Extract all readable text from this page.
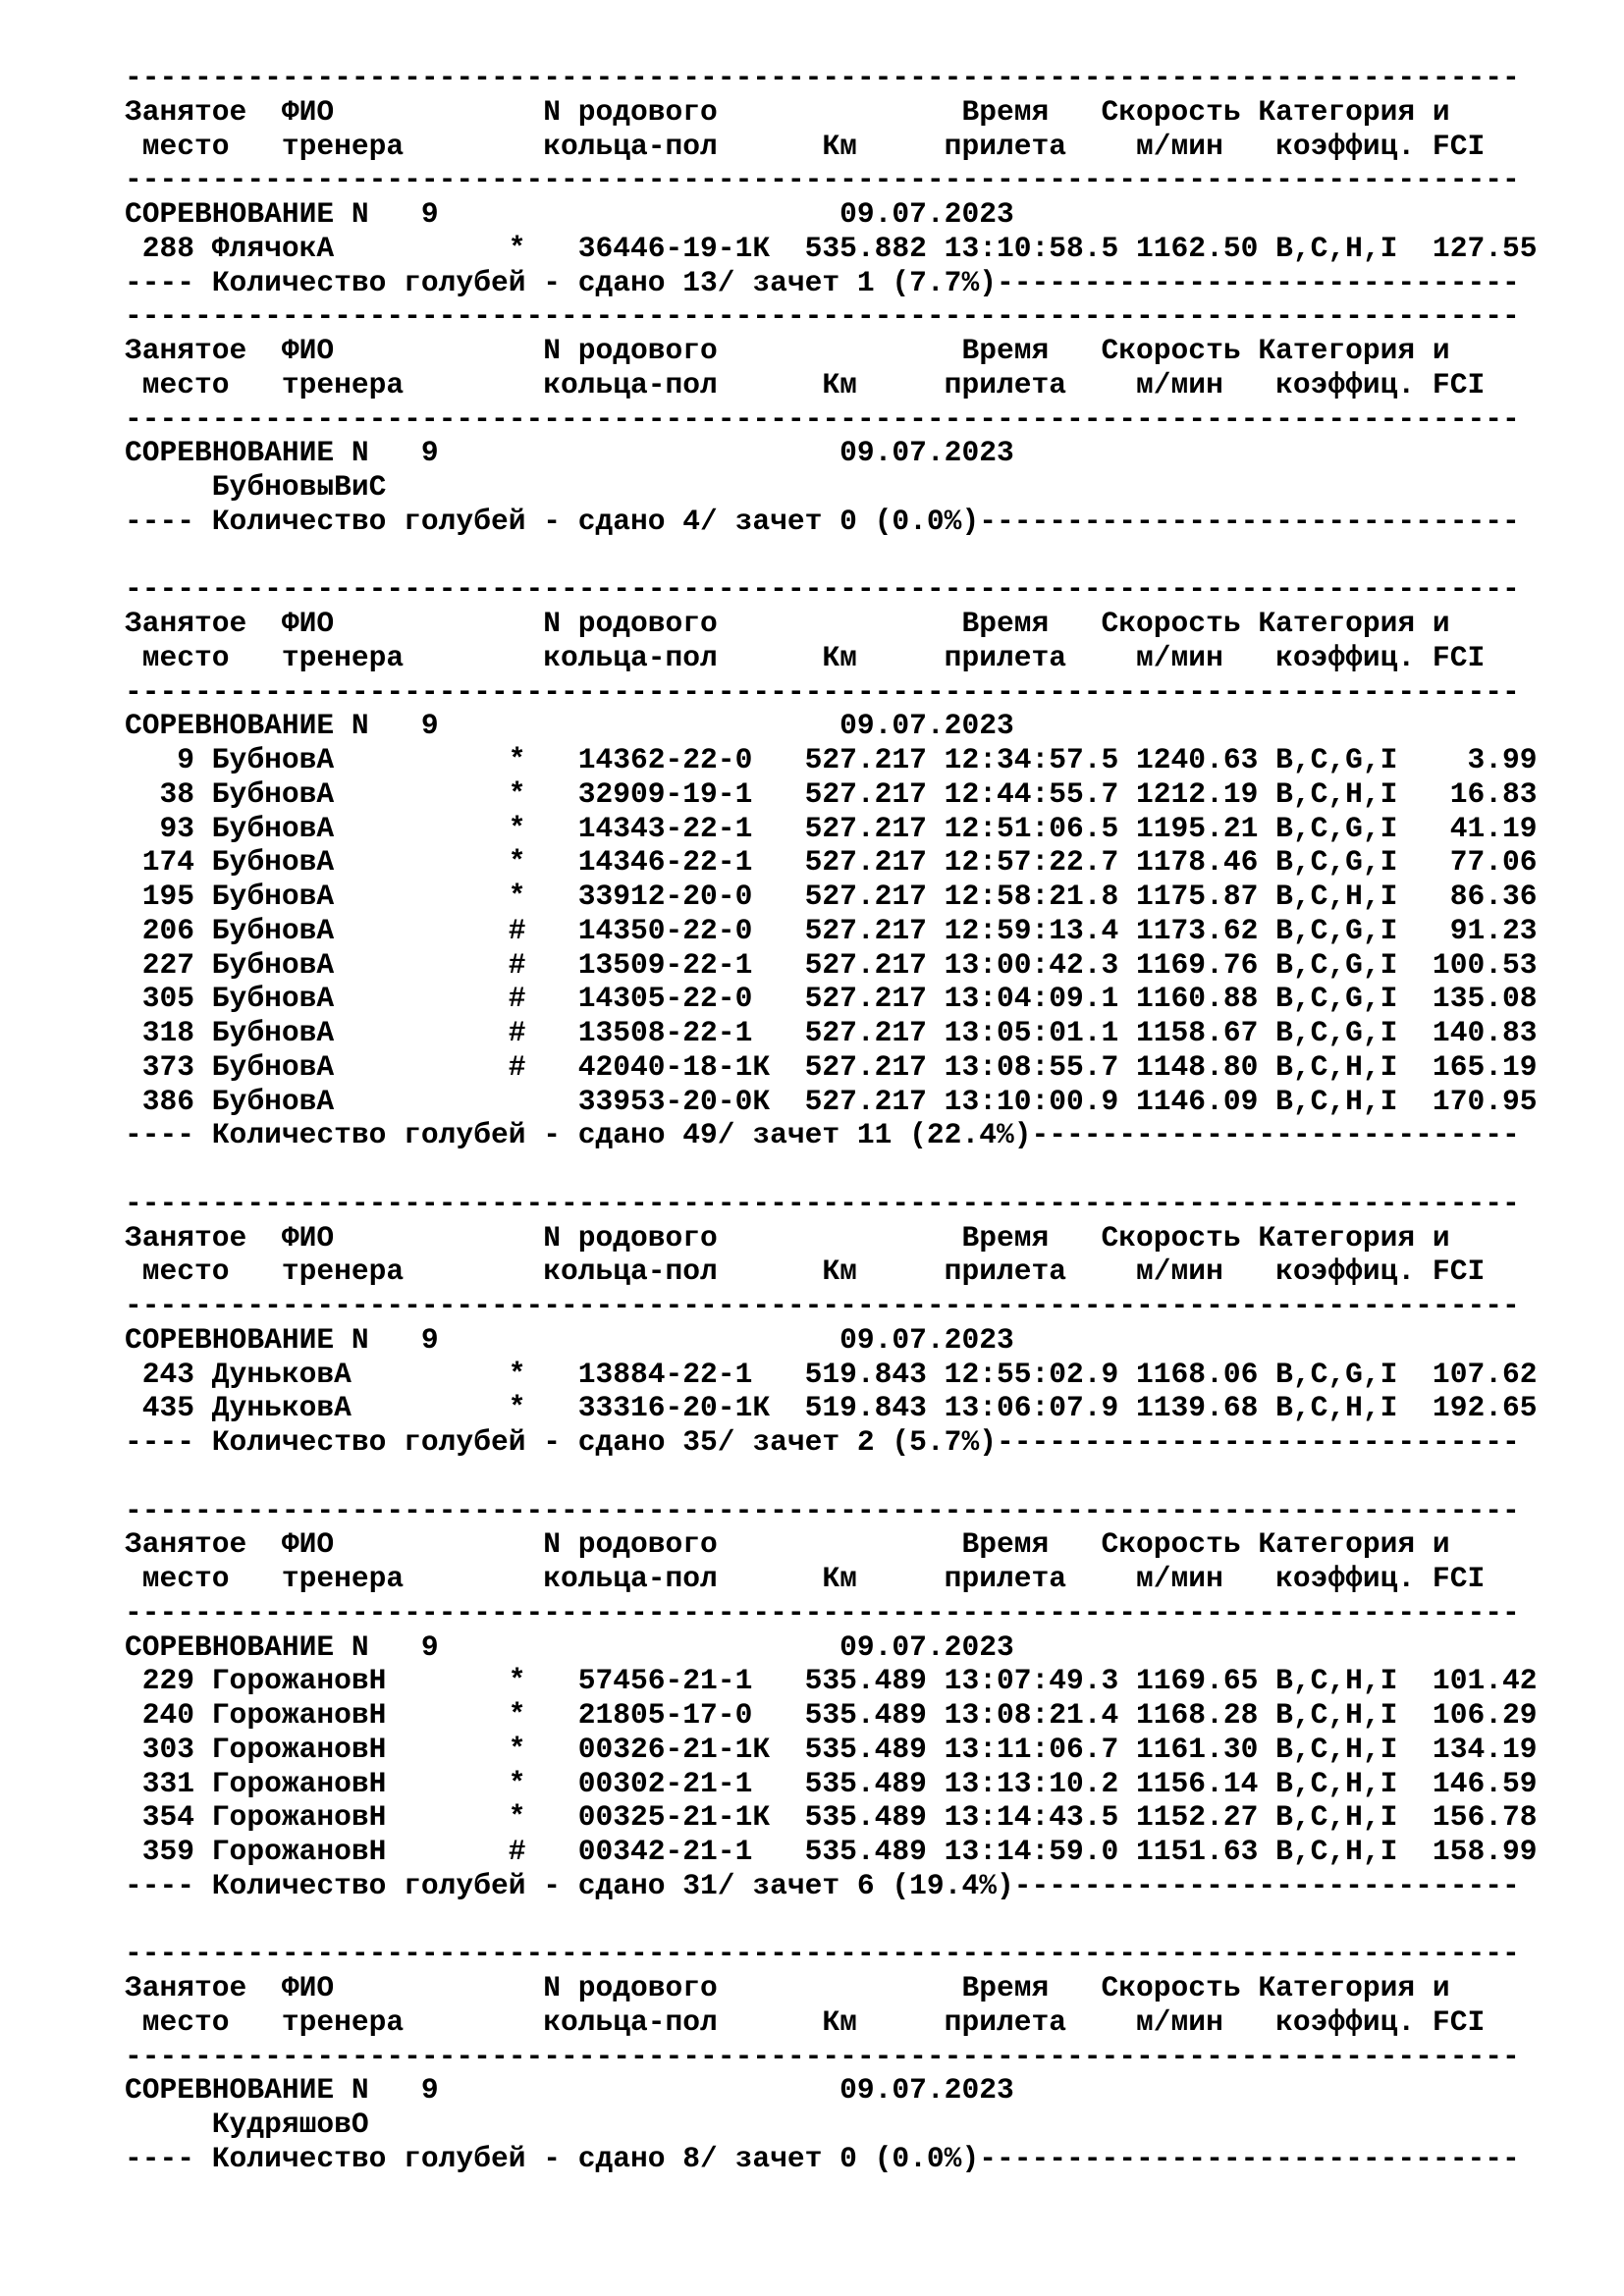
--------------------------------------------------------------------------------
Занятое  ФИО            N родового              Время   Скорость Категория и
место   тренера        кольца-пол      Км     прилета    м/мин   коэффиц. FCI
--------------------------------------------------------------------------------
СОРЕВНОВАНИЕ N   9                       09.07.2023
288 ФлячокА          *   36446-19-1К  535.882 13:10:58.5 1162.50 B,C,H,I  127.55
---- Количество голубей - сдано 13/ зачет 1 (7.7%)------------------------------
--------------------------------------------------------------------------------
Занятое  ФИО            N родового              Время   Скорость Категория и
место   тренера        кольца-пол      Км     прилета    м/мин   коэффиц. FCI
--------------------------------------------------------------------------------
СОРЕВНОВАНИЕ N   9                       09.07.2023
БубновыВиС
---- Количество голубей - сдано 4/ зачет 0 (0.0%)-------------------------------
--------------------------------------------------------------------------------
Занятое  ФИО            N родового              Время   Скорость Категория и
место   тренера        кольца-пол      Км     прилета    м/мин   коэффиц. FCI
--------------------------------------------------------------------------------
СОРЕВНОВАНИЕ N   9                       09.07.2023
9 БубновА          *   14362-22-0   527.217 12:34:57.5 1240.63 B,C,G,I    3.99
38 БубновА          *   32909-19-1   527.217 12:44:55.7 1212.19 B,C,H,I   16.83
93 БубновА          *   14343-22-1   527.217 12:51:06.5 1195.21 B,C,G,I   41.19
174 БубновА          *   14346-22-1   527.217 12:57:22.7 1178.46 B,C,G,I   77.06
195 БубновА          *   33912-20-0   527.217 12:58:21.8 1175.87 B,C,H,I   86.36
206 БубновА          #   14350-22-0   527.217 12:59:13.4 1173.62 B,C,G,I   91.23
227 БубновА          #   13509-22-1   527.217 13:00:42.3 1169.76 B,C,G,I  100.53
305 БубновА          #   14305-22-0   527.217 13:04:09.1 1160.88 B,C,G,I  135.08
318 БубновА          #   13508-22-1   527.217 13:05:01.1 1158.67 B,C,G,I  140.83
373 БубновА          #   42040-18-1К  527.217 13:08:55.7 1148.80 B,C,H,I  165.19
386 БубновА              33953-20-0К  527.217 13:10:00.9 1146.09 B,C,H,I  170.95
---- Количество голубей - сдано 49/ зачет 11 (22.4%)----------------------------
--------------------------------------------------------------------------------
Занятое  ФИО            N родового              Время   Скорость Категория и
место   тренера        кольца-пол      Км     прилета    м/мин   коэффиц. FCI
--------------------------------------------------------------------------------
СОРЕВНОВАНИЕ N   9                       09.07.2023
243 ДуньковА         *   13884-22-1   519.843 12:55:02.9 1168.06 B,C,G,I  107.62
435 ДуньковА         *   33316-20-1К  519.843 13:06:07.9 1139.68 B,C,H,I  192.65
---- Количество голубей - сдано 35/ зачет 2 (5.7%)------------------------------
--------------------------------------------------------------------------------
Занятое  ФИО            N родового              Время   Скорость Категория и
место   тренера        кольца-пол      Км     прилета    м/мин   коэффиц. FCI
--------------------------------------------------------------------------------
СОРЕВНОВАНИЕ N   9                       09.07.2023
229 ГорожановН       *   57456-21-1   535.489 13:07:49.3 1169.65 B,C,H,I  101.42
240 ГорожановН       *   21805-17-0   535.489 13:08:21.4 1168.28 B,C,H,I  106.29
303 ГорожановН       *   00326-21-1К  535.489 13:11:06.7 1161.30 B,C,H,I  134.19
331 ГорожановН       *   00302-21-1   535.489 13:13:10.2 1156.14 B,C,H,I  146.59
354 ГорожановН       *   00325-21-1К  535.489 13:14:43.5 1152.27 B,C,H,I  156.78
359 ГорожановН       #   00342-21-1   535.489 13:14:59.0 1151.63 B,C,H,I  158.99
---- Количество голубей - сдано 31/ зачет 6 (19.4%)-----------------------------
--------------------------------------------------------------------------------
Занятое  ФИО            N родового              Время   Скорость Категория и
место   тренера        кольца-пол      Км     прилета    м/мин   коэффиц. FCI
--------------------------------------------------------------------------------
СОРЕВНОВАНИЕ N   9                       09.07.2023
КудряшовО
---- Количество голубей - сдано 8/ зачет 0 (0.0%)-------------------------------
